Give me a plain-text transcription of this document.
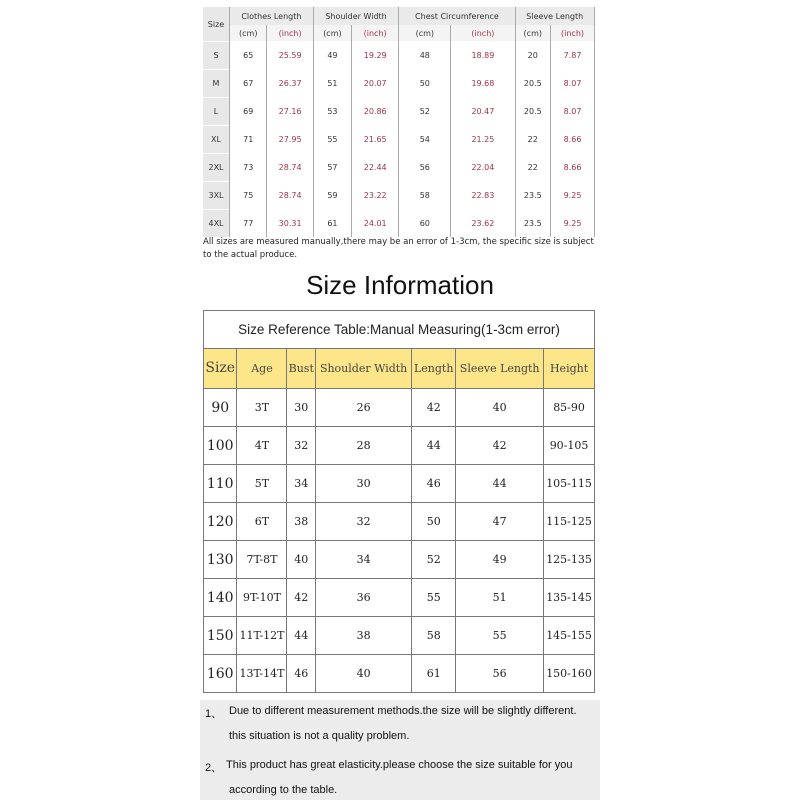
Size	Clothes Length		Shoulder Width		Chest Circumference		Sleeve Length	
	(cm)	(inch)	(cm)	(inch)	(cm)	(inch)	(cm)	(inch)
S	65	25.59	49	19.29	48	18.89	20	7.87
M	67	26.37	51	20.07	50	19.68	20.5	8.07
L	69	27.16	53	20.86	52	20.47	20.5	8.07
XL	71	27.95	55	21.65	54	21.25	22	8.66
2XL	73	28.74	57	22.44	56	22.04	22	8.66
3XL	75	28.74	59	23.22	58	22.83	23.5	9.25
4XL	77	30.31	61	24.01	60	23.62	23.5	9.25
All sizes are measured manually,there may be an error of 1-3cm, the specific size is subject to the actual produce.
Size Information
Size Reference Table:Manual Measuring(1-3cm error)						
Size	Age	Bust	Shoulder Width	Length	Sleeve Length	Height
90	3T	30	26	42	40	85-90
100	4T	32	28	44	42	90-105
110	5T	34	30	46	44	105-115
120	6T	38	32	50	47	115-125
130	7T-8T	40	34	52	49	125-135
140	9T-10T	42	36	55	51	135-145
150	11T-12T	44	38	58	55	145-155
160	13T-14T	46	40	61	56	150-160
1、 Due to different measurement methods.the size will be slightly different.
this situation is not a quality problem.
2、 This product has great elasticity.please choose the size suitable for you
according to the table.
